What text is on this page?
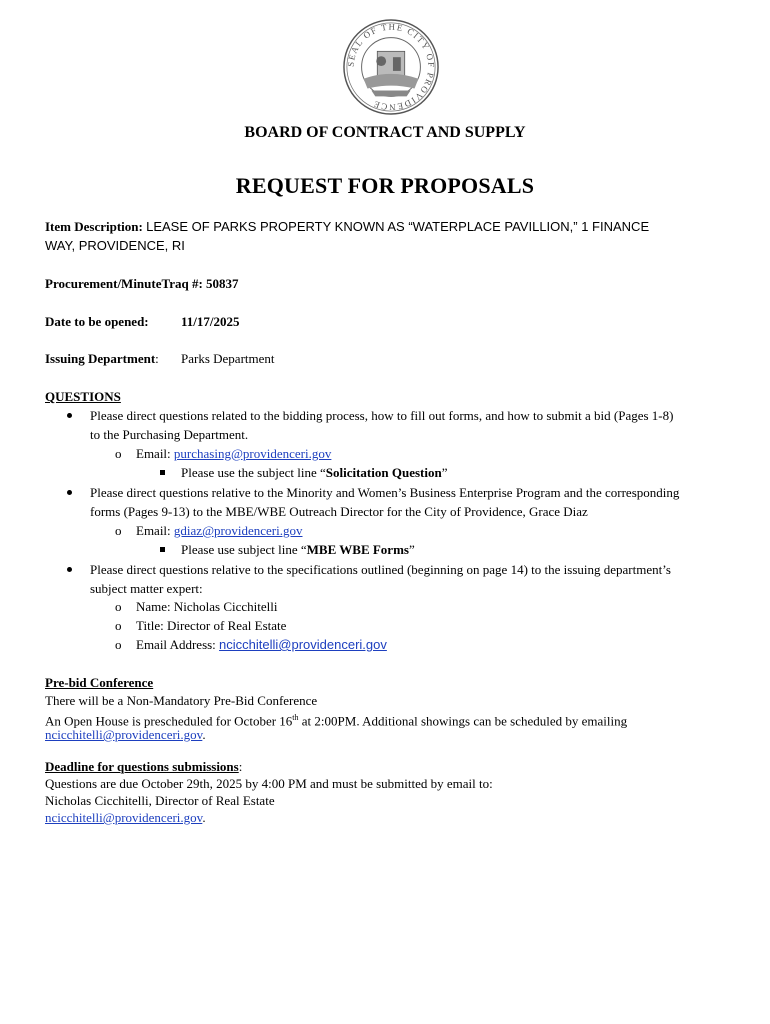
SEAL OF THE CITY OF PROVIDENCE
BOARD OF CONTRACT AND SUPPLY
REQUEST FOR PROPOSALS
Item Description: LEASE OF PARKS PROPERTY KNOWN AS “WATERPLACE PAVILLION,” 1 FINANCE
WAY, PROVIDENCE, RI
Procurement/MinuteTraq #: 50837
Date to be opened: 11/17/2025
Issuing Department: Parks Department
QUESTIONS
Please direct questions related to the bidding process, how to fill out forms, and how to submit a bid (Pages 1-8)
to the Purchasing Department.
o Email: purchasing@providenceri.gov
Please use the subject line “Solicitation Question”
Please direct questions relative to the Minority and Women’s Business Enterprise Program and the corresponding
forms (Pages 9-13) to the MBE/WBE Outreach Director for the City of Providence, Grace Diaz
o Email: gdiaz@providenceri.gov
Please use subject line “MBE WBE Forms”
Please direct questions relative to the specifications outlined (beginning on page 14) to the issuing department’s
subject matter expert:
o Name: Nicholas Cicchitelli
o Title: Director of Real Estate
o Email Address: ncicchitelli@providenceri.gov
Pre-bid Conference
There will be a Non-Mandatory Pre-Bid Conference
An Open House is prescheduled for October 16th at 2:00PM. Additional showings can be scheduled by emailing
ncicchitelli@providenceri.gov.
Deadline for questions submissions:
Questions are due October 29th, 2025 by 4:00 PM and must be submitted by email to:
Nicholas Cicchitelli, Director of Real Estate
ncicchitelli@providenceri.gov.
